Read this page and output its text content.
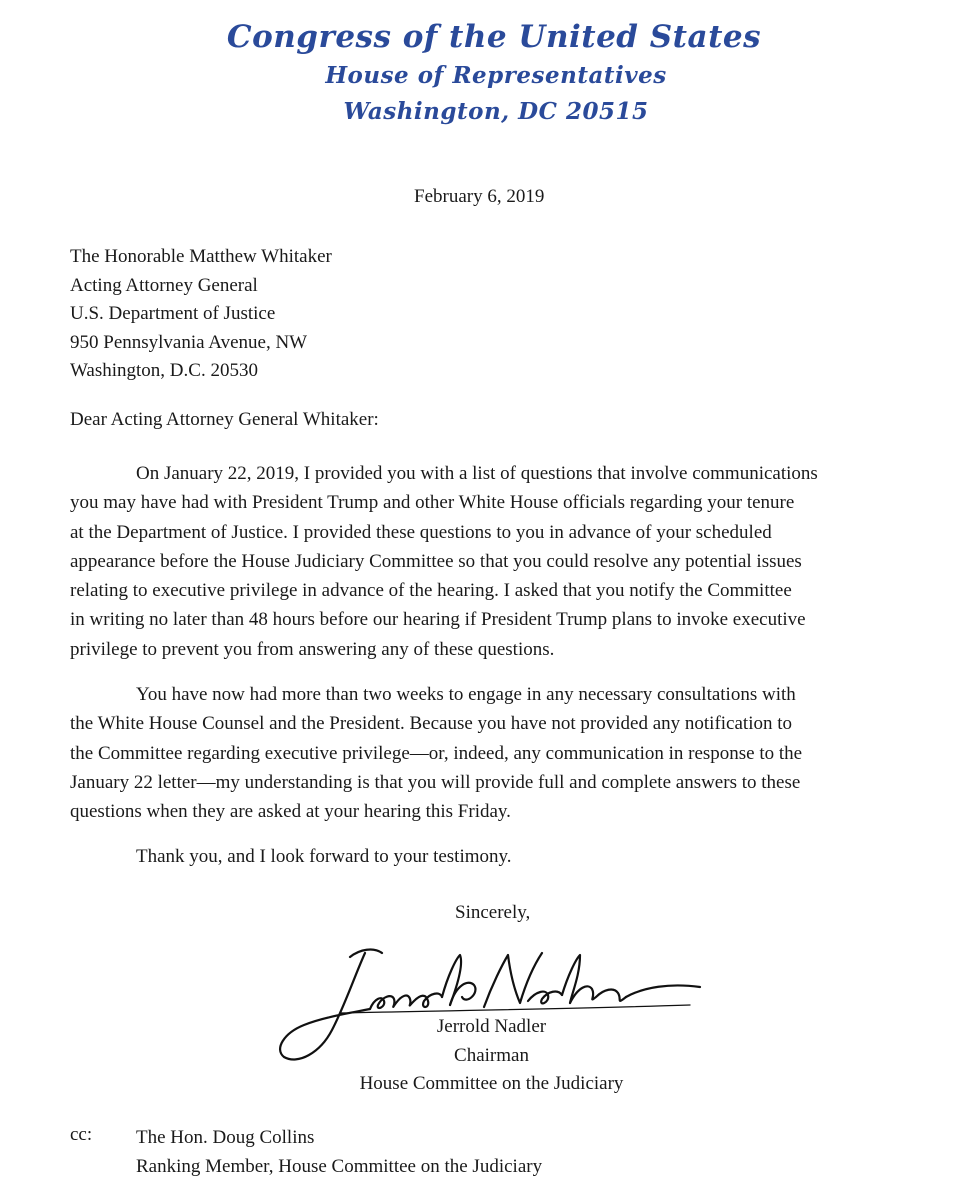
Congress of the United States
House of Representatives
Washington, DC 20515
February 6, 2019
The Honorable Matthew Whitaker
Acting Attorney General
U.S. Department of Justice
950 Pennsylvania Avenue, NW
Washington, D.C. 20530
Dear Acting Attorney General Whitaker:
On January 22, 2019, I provided you with a list of questions that involve communications
you may have had with President Trump and other White House officials regarding your tenure
at the Department of Justice. I provided these questions to you in advance of your scheduled
appearance before the House Judiciary Committee so that you could resolve any potential issues
relating to executive privilege in advance of the hearing. I asked that you notify the Committee
in writing no later than 48 hours before our hearing if President Trump plans to invoke executive
privilege to prevent you from answering any of these questions.
You have now had more than two weeks to engage in any necessary consultations with
the White House Counsel and the President. Because you have not provided any notification to
the Committee regarding executive privilege—or, indeed, any communication in response to the
January 22 letter—my understanding is that you will provide full and complete answers to these
questions when they are asked at your hearing this Friday.
Thank you, and I look forward to your testimony.
Sincerely,
Jerrold Nadler
Chairman
House Committee on the Judiciary
cc: The Hon. Doug Collins
Ranking Member, House Committee on the Judiciary
